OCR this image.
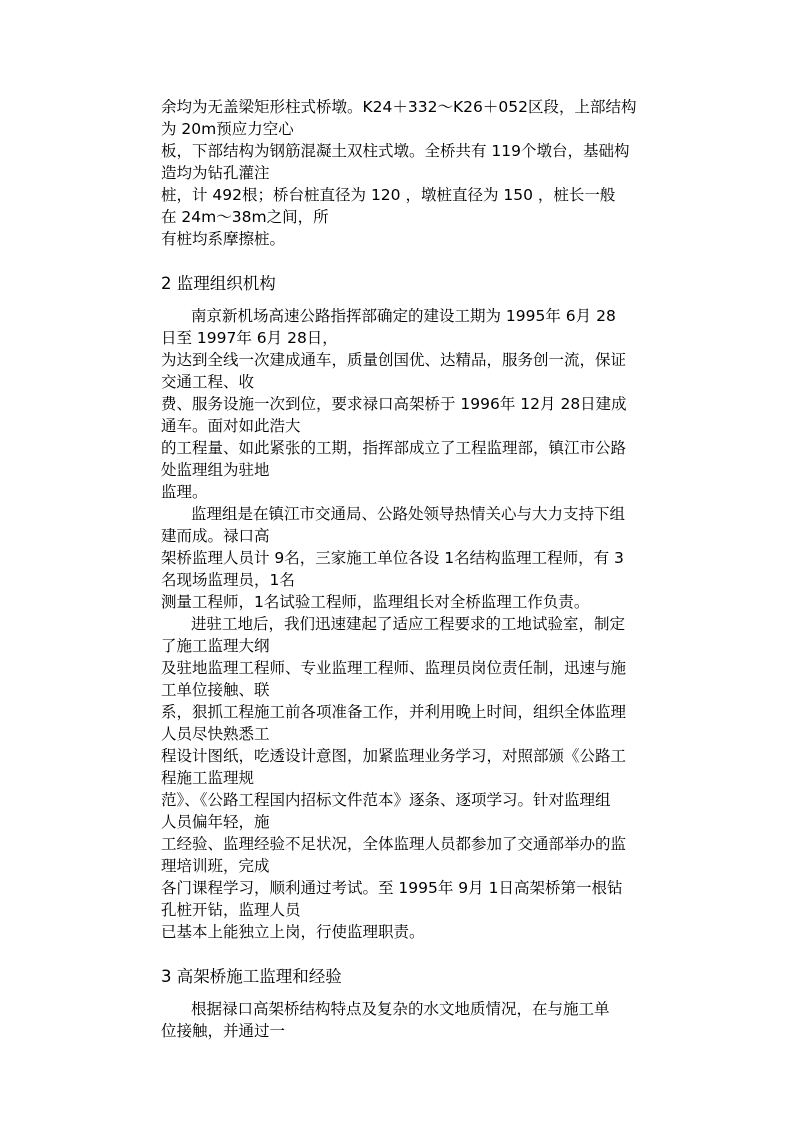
余均为无盖梁矩形柱式桥墩。K24＋332～K26＋052区段，上部结构
为 20m预应力空心
板，下部结构为钢筋混凝土双柱式墩。全桥共有 119个墩台，基础构
造均为钻孔灌注
桩，计 492根；桥台桩直径为 120 ，墩桩直径为 150 ，桩长一般
在 24m～38m之间，所
有桩均系摩擦桩。
2 监理组织机构
南京新机场高速公路指挥部确定的建设工期为 1995年 6月 28
日至 1997年 6月 28日，
为达到全线一次建成通车，质量创国优、达精品，服务创一流，保证
交通工程、收
费、服务设施一次到位，要求禄口高架桥于 1996年 12月 28日建成
通车。面对如此浩大
的工程量、如此紧张的工期，指挥部成立了工程监理部，镇江市公路
处监理组为驻地
监理。
监理组是在镇江市交通局、公路处领导热情关心与大力支持下组
建而成。禄口高
架桥监理人员计 9名，三家施工单位各设 1名结构监理工程师，有 3
名现场监理员，1名
测量工程师，1名试验工程师，监理组长对全桥监理工作负责。
进驻工地后，我们迅速建起了适应工程要求的工地试验室，制定
了施工监理大纲
及驻地监理工程师、专业监理工程师、监理员岗位责任制，迅速与施
工单位接触、联
系，狠抓工程施工前各项准备工作，并利用晚上时间，组织全体监理
人员尽快熟悉工
程设计图纸，吃透设计意图，加紧监理业务学习，对照部颁《公路工
程施工监理规
范》、《公路工程国内招标文件范本》逐条、逐项学习。针对监理组
人员偏年轻，施
工经验、监理经验不足状况，全体监理人员都参加了交通部举办的监
理培训班，完成
各门课程学习，顺利通过考试。至 1995年 9月 1日高架桥第一根钻
孔桩开钻，监理人员
已基本上能独立上岗，行使监理职责。
3 高架桥施工监理和经验
根据禄口高架桥结构特点及复杂的水文地质情况，在与施工单
位接触，并通过一
